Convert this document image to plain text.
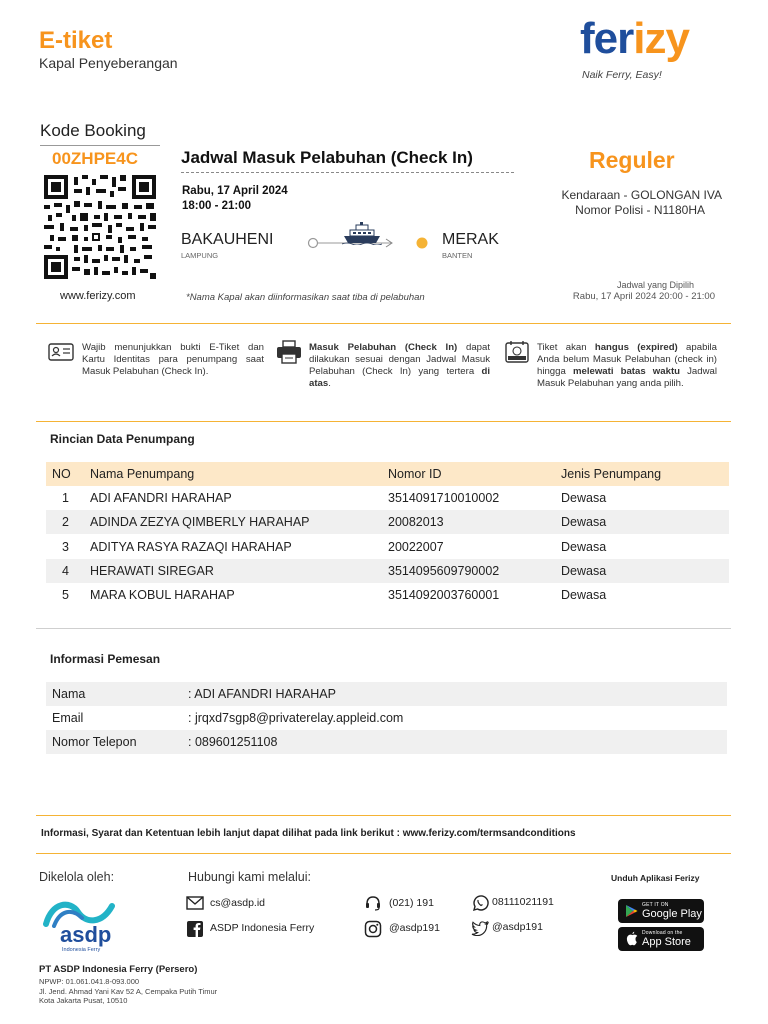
E-tiket
Kapal Penyeberangan	ferizy
Naik Ferry, Easy!
Kode Booking
00ZHPE4C
www.ferizy.com
Jadwal Masuk Pelabuhan (Check In)
Rabu, 17 April 2024
18:00 - 21:00
BAKAUHENI
LAMPUNG
MERAK
BANTEN
*Nama Kapal akan diinformasikan saat tiba di pelabuhan
Reguler
Kendaraan - GOLONGAN IVA
Nomor Polisi - N1180HA
Jadwal yang Dipilih
Rabu, 17 April 2024 20:00 - 21:00
Wajib menunjukkan bukti E-Tiket dan Kartu Identitas para penumpang saat Masuk Pelabuhan (Check In).
Masuk Pelabuhan (Check In) dapat dilakukan sesuai dengan Jadwal Masuk Pelabuhan (Check In) yang tertera di atas.
Tiket akan hangus (expired) apabila Anda belum Masuk Pelabuhan (check in) hingga melewati batas waktu Jadwal Masuk Pelabuhan yang anda pilih.
Rincian Data Penumpang
NO Nama Penumpang	Nomor ID	Jenis Penumpang
1 ADI AFANDRI HARAHAP	3514091710010002	Dewasa
2 ADINDA ZEZYA QIMBERLY HARAHAP	20082013	Dewasa
3 ADITYA RASYA RAZAQI HARAHAP	20022007	Dewasa
4 HERAWATI SIREGAR	3514095609790002	Dewasa
5 MARA KOBUL HARAHAP	3514092003760001	Dewasa
Informasi Pemesan
Nama	: ADI AFANDRI HARAHAP
Email	: jrqxd7sgp8@privaterelay.appleid.com
Nomor Telepon	: 089601251108
Informasi, Syarat dan Ketentuan lebih lanjut dapat dilihat pada link berikut : www.ferizy.com/termsandconditions
Dikelola oleh:
asdp
Indonesia Ferry
Hubungi kami melalui:
cs@asdp.id
ASDP Indonesia Ferry
(021) 191
@asdp191
08111021191
@asdp191
Unduh Aplikasi Ferizy
GET IT ON
Google Play
Download on the
App Store
PT ASDP Indonesia Ferry (Persero)
NPWP: 01.061.041.8-093.000
Jl. Jend. Ahmad Yani Kav 52 A, Cempaka Putih Timur
Kota Jakarta Pusat, 10510
